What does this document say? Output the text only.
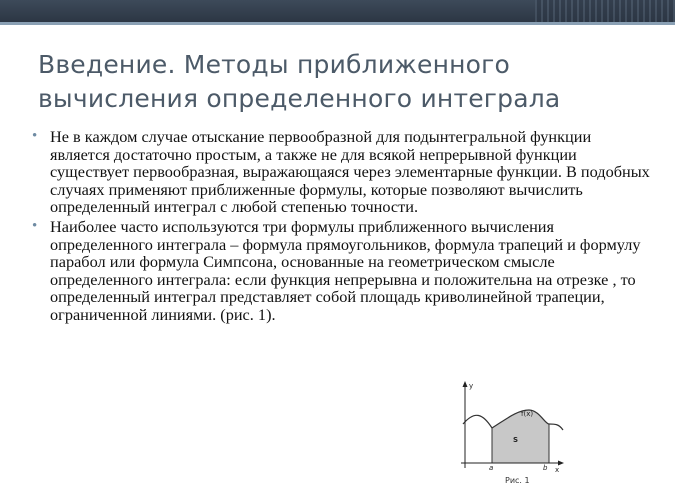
Введение. Методы приближенного вычисления определенного интеграла
• Не в каждом случае отыскание первообразной для подынтегральной функции является достаточно простым, а также не для всякой непрерывной функции существует первообразная, выражающаяся через элементарные функции. В подобных случаях применяют приближенные формулы, которые позволяют вычислить определенный интеграл с любой степенью точности.
• Наиболее часто используются три формулы приближенного вычисления определенного интеграла – формула прямоугольников, формула трапеций и формулу парабол или формула Симпсона, основанные на геометрическом смысле определенного интеграла: если функция непрерывна и положительна на отрезке , то определенный интеграл представляет собой площадь криволинейной трапеции, ограниченной линиями. (рис. 1).
y
x
f(x)
S
a	b
Рис. 1
